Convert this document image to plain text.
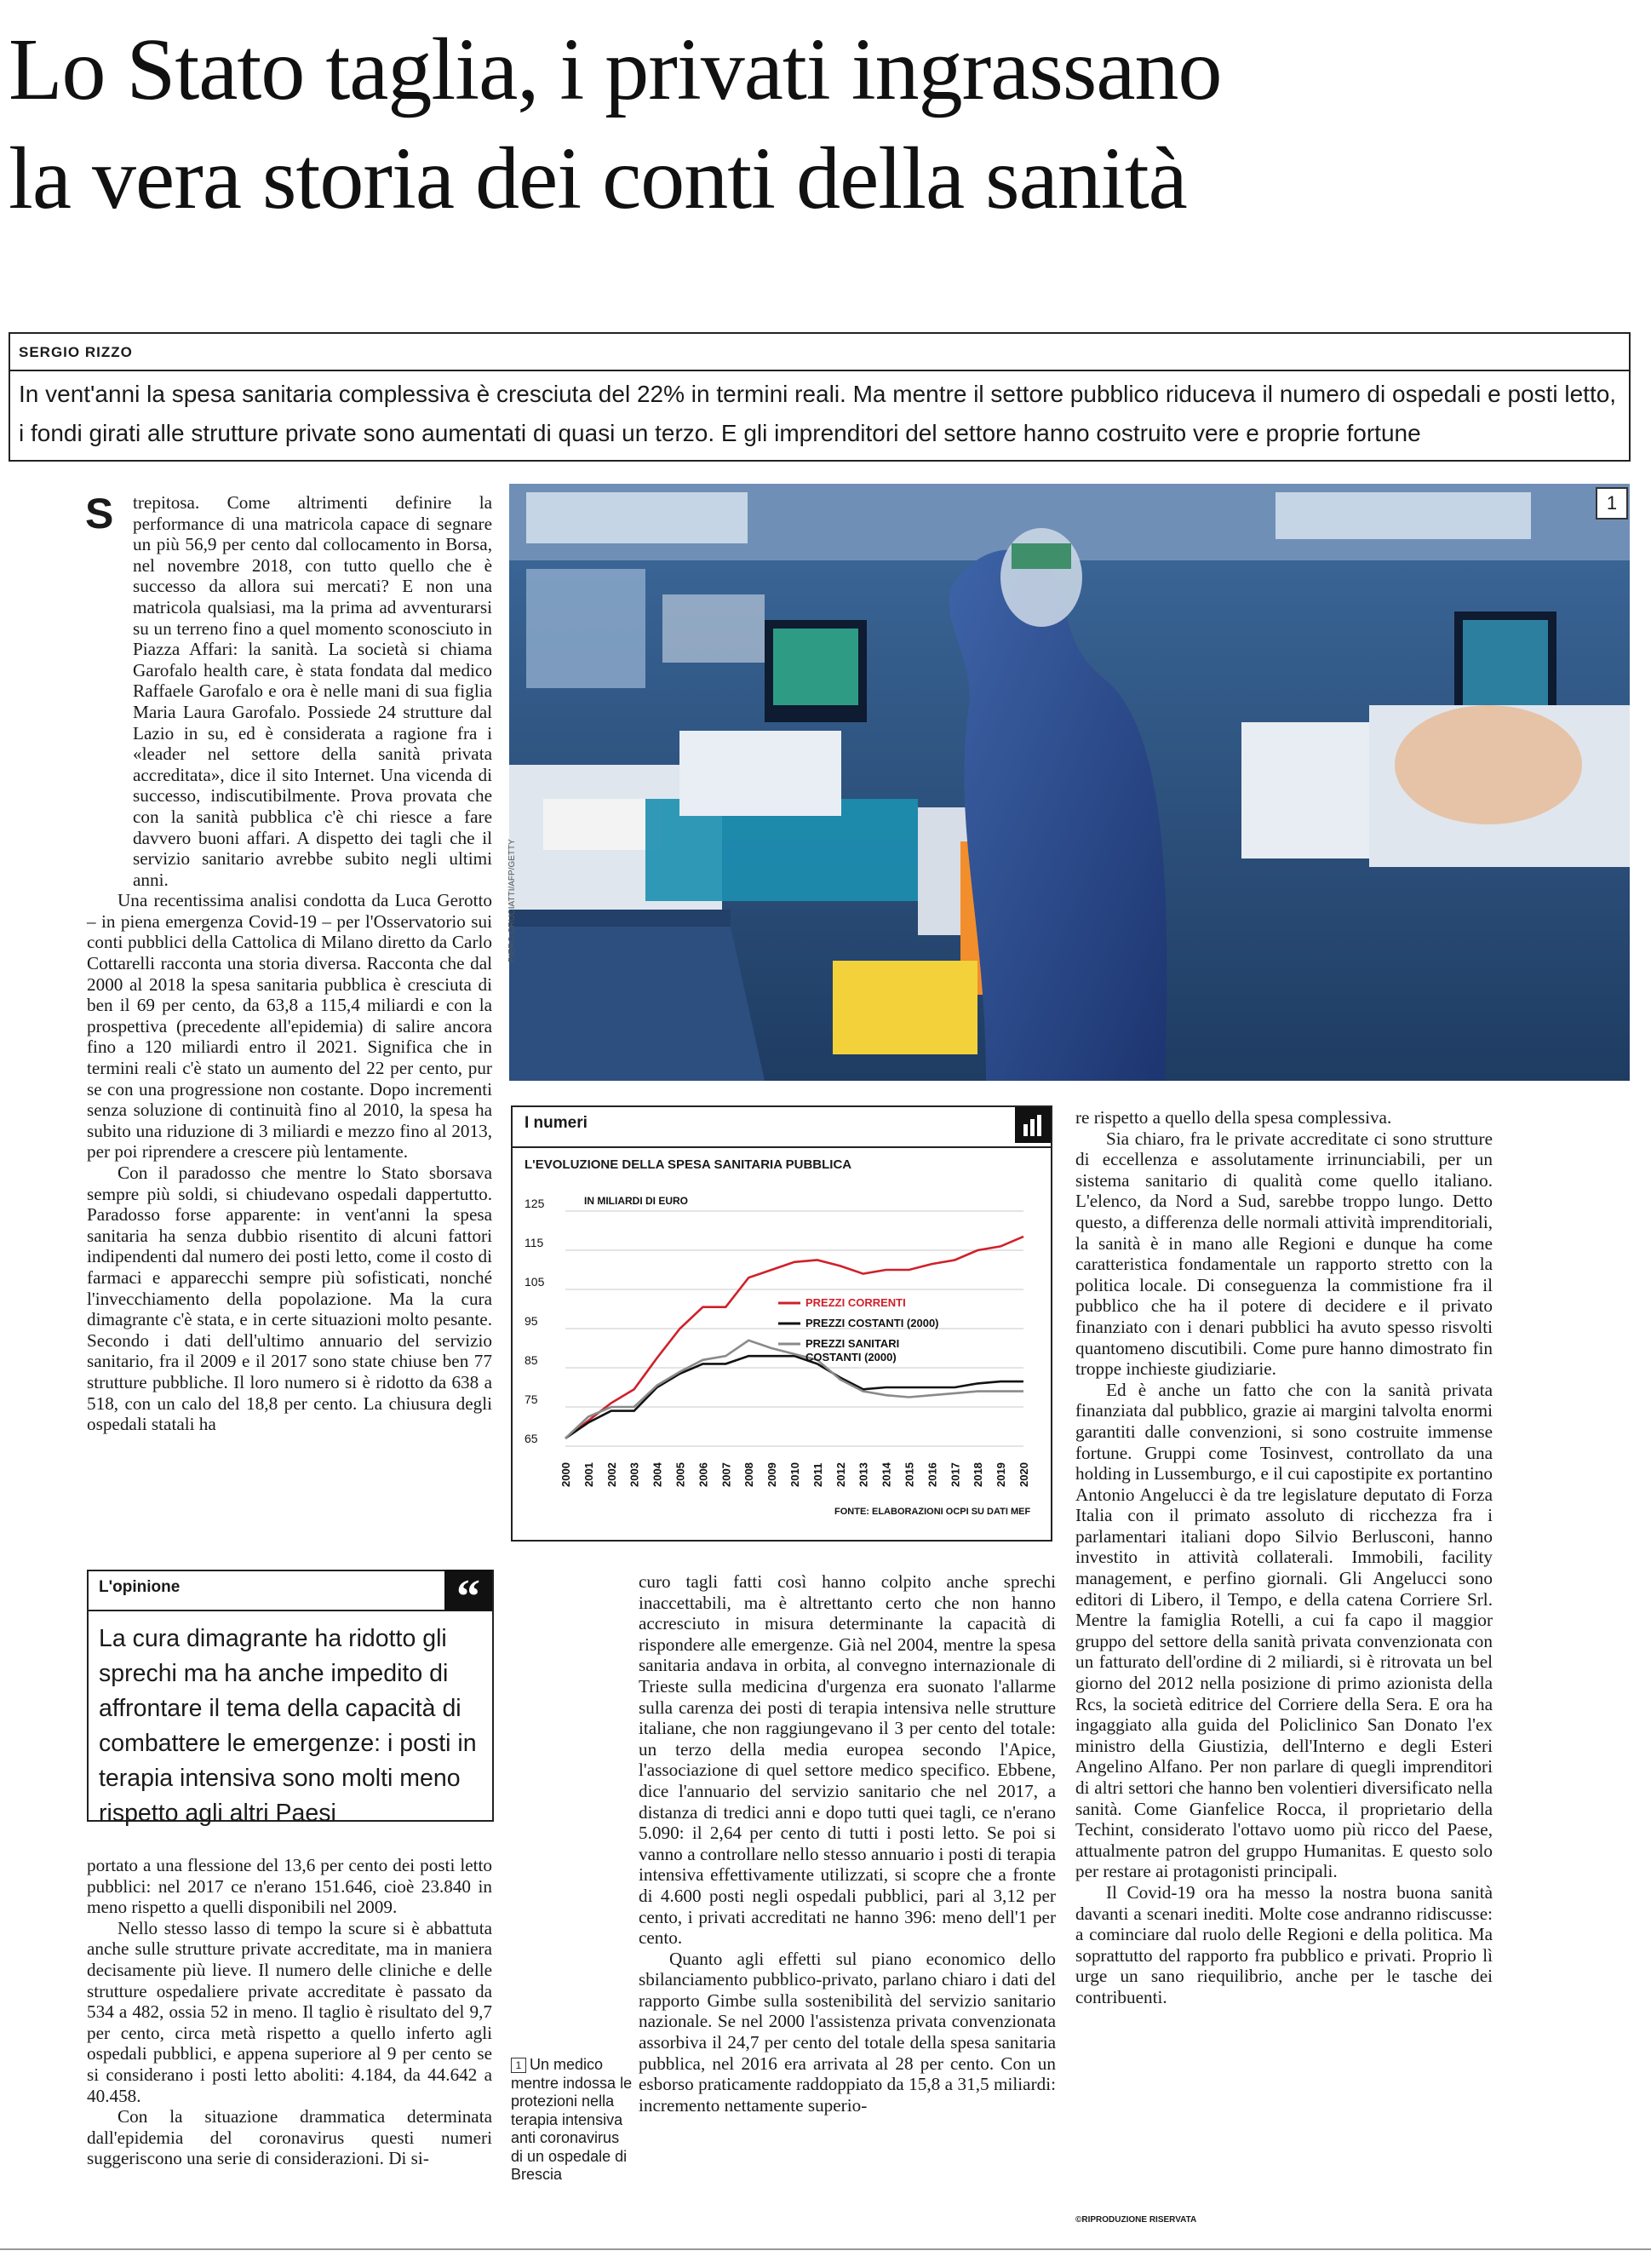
Lo Stato taglia, i privati ingrassano
la vera storia dei conti della sanità
SERGIO RIZZO
In vent'anni la spesa sanitaria complessiva è cresciuta del 22% in termini reali. Ma mentre il settore pubblico riduceva il numero di ospedali e posti letto, i fondi girati alle strutture private sono aumentati di quasi un terzo. E gli imprenditori del settore hanno costruito vere e proprie fortune
S	trepitosa. Come altrimenti definire la performance di una matricola capace di segnare un più 56,9 per cento dal collocamento in Borsa, nel novembre 2018, con tutto quello che è successo da allora sui mercati? E non una matricola qualsiasi, ma la prima ad avventurarsi su un terreno fino a quel momento sconosciuto in Piazza Affari: la sanità. La società si chiama Garofalo health care, è stata fondata dal medico Raffaele Garofalo e ora è nelle mani di sua figlia Maria Laura Garofalo. Possiede 24 strutture dal Lazio in su, ed è considerata a ragione fra i «leader nel settore della sanità privata accreditata», dice il sito Internet. Una vicenda di successo, indiscutibilmente. Prova provata che con la sanità pubblica c'è chi riesce a fare davvero buoni affari. A dispetto dei tagli che il servizio sanitario avrebbe subito negli ultimi anni.

Una recentissima analisi condotta da Luca Gerotto – in piena emergenza Covid-19 – per l'Osservatorio sui conti pubblici della Cattolica di Milano diretto da Carlo Cottarelli racconta una storia diversa. Racconta che dal 2000 al 2018 la spesa sanitaria pubblica è cresciuta di ben il 69 per cento, da 63,8 a 115,4 miliardi e con la prospettiva (precedente all'epidemia) di salire ancora fino a 120 miliardi entro il 2021. Significa che in termini reali c'è stato un aumento del 22 per cento, pur se con una progressione non costante. Dopo incrementi senza soluzione di continuità fino al 2010, la spesa ha subito una riduzione di 3 miliardi e mezzo fino al 2013, per poi riprendere a crescere più lentamente.

Con il paradosso che mentre lo Stato sborsava sempre più soldi, si chiudevano ospedali dappertutto. Paradosso forse apparente: in vent'anni la spesa sanitaria ha senza dubbio risentito di alcuni fattori indipendenti dal numero dei posti letto, come il costo di farmaci e apparecchi sempre più sofisticati, nonché l'invecchiamento della popolazione. Ma la cura dimagrante c'è stata, e in certe situazioni molto pesante. Secondo i dati dell'ultimo annuario del servizio sanitario, fra il 2009 e il 2017 sono state chiuse ben 77 strutture pubbliche. Il loro numero si è ridotto da 638 a 518, con un calo del 18,8 per cento. La chiusura degli ospedali statali ha

1
PIERO CRUCIATTI/AFP/GETTY
I numeri
L'EVOLUZIONE DELLA SPESA SANITARIA PUBBLICA
IN MILIARDI DI EURO
65
75
85
95
105
115
125
2000 2001 2002 2003 2004 2005 2006 2007 2008 2009 2010 2011 2012 2013 2014 2015 2016 2017 2018 2019 2020
PREZZI CORRENTI
PREZZI COSTANTI (2000)
PREZZI SANITARI
COSTANTI (2000)
FONTE: ELABORAZIONI OCPI SU DATI MEF
L'opinione	“
La cura dimagrante ha ridotto gli sprechi ma ha anche impedito di affrontare il tema della capacità di combattere le emergenze: i posti in terapia intensiva sono molti meno rispetto agli altri Paesi

portato a una flessione del 13,6 per cento dei posti letto pubblici: nel 2017 ce n'erano 151.646, cioè 23.840 in meno rispetto a quelli disponibili nel 2009.

Nello stesso lasso di tempo la scure si è abbattuta anche sulle strutture private accreditate, ma in maniera decisamente più lieve. Il numero delle cliniche e delle strutture ospedaliere private accreditate è passato da 534 a 482, ossia 52 in meno. Il taglio è risultato del 9,7 per cento, circa metà rispetto a quello inferto agli ospedali pubblici, e appena superiore al 9 per cento se si considerano i posti letto aboliti: 4.184, da 44.642 a 40.458.

Con la situazione drammatica determinata dall'epidemia del coronavirus questi numeri suggeriscono una serie di considerazioni. Di si-

curo tagli fatti così hanno colpito anche sprechi inaccettabili, ma è altrettanto certo che non hanno accresciuto in misura determinante la capacità di rispondere alle emergenze. Già nel 2004, mentre la spesa sanitaria andava in orbita, al convegno internazionale di Trieste sulla medicina d'urgenza era suonato l'allarme sulla carenza dei posti di terapia intensiva nelle strutture italiane, che non raggiungevano il 3 per cento del totale: un terzo della media europea secondo l'Apice, l'associazione di quel settore medico specifico. Ebbene, dice l'annuario del servizio sanitario che nel 2017, a distanza di tredici anni e dopo tutti quei tagli, ce n'erano 5.090: il 2,64 per cento di tutti i posti letto. Se poi si vanno a controllare nello stesso annuario i posti di terapia intensiva effettivamente utilizzati, si scopre che a fronte di 4.600 posti negli ospedali pubblici, pari al 3,12 per cento, i privati accreditati ne hanno 396: meno dell'1 per cento.

Quanto agli effetti sul piano economico dello sbilanciamento pubblico-privato, parlano chiaro i dati del rapporto Gimbe sulla sostenibilità del servizio sanitario nazionale. Se nel 2000 l'assistenza privata convenzionata assorbiva il 24,7 per cento del totale della spesa sanitaria pubblica, nel 2016 era arrivata al 28 per cento. Con un esborso praticamente raddoppiato da 15,8 a 31,5 miliardi: incremento nettamente superio-

1 Un medico mentre indossa le protezioni nella terapia intensiva anti coronavirus di un ospedale di Brescia

re rispetto a quello della spesa complessiva.

Sia chiaro, fra le private accreditate ci sono strutture di eccellenza e assolutamente irrinunciabili, per un sistema sanitario di qualità come quello italiano. L'elenco, da Nord a Sud, sarebbe troppo lungo. Detto questo, a differenza delle normali attività imprenditoriali, la sanità è in mano alle Regioni e dunque ha come caratteristica fondamentale un rapporto stretto con la politica locale. Di conseguenza la commistione fra il pubblico che ha il potere di decidere e il privato finanziato con i denari pubblici ha avuto spesso risvolti quantomeno discutibili. Come pure hanno dimostrato fin troppe inchieste giudiziarie.

Ed è anche un fatto che con la sanità privata finanziata dal pubblico, grazie ai margini talvolta enormi garantiti dalle convenzioni, si sono costruite immense fortune. Gruppi come Tosinvest, controllato da una holding in Lussemburgo, e il cui capostipite ex portantino Antonio Angelucci è da tre legislature deputato di Forza Italia con il primato assoluto di ricchezza fra i parlamentari italiani dopo Silvio Berlusconi, hanno investito in attività collaterali. Immobili, facility management, e perfino giornali. Gli Angelucci sono editori di Libero, il Tempo, e della catena Corriere Srl. Mentre la famiglia Rotelli, a cui fa capo il maggior gruppo del settore della sanità privata convenzionata con un fatturato dell'ordine di 2 miliardi, si è ritrovata un bel giorno del 2012 nella posizione di primo azionista della Rcs, la società editrice del Corriere della Sera. E ora ha ingaggiato alla guida del Policlinico San Donato l'ex ministro della Giustizia, dell'Interno e degli Esteri Angelino Alfano. Per non parlare di quegli imprenditori di altri settori che hanno ben volentieri diversificato nella sanità. Come Gianfelice Rocca, il proprietario della Techint, considerato l'ottavo uomo più ricco del Paese, attualmente patron del gruppo Humanitas. E questo solo per restare ai protagonisti principali.

Il Covid-19 ora ha messo la nostra buona sanità davanti a scenari inediti. Molte cose andranno ridiscusse: a cominciare dal ruolo delle Regioni e della politica. Ma soprattutto del rapporto fra pubblico e privati. Proprio lì urge un sano riequilibrio, anche per le tasche dei contribuenti.

©RIPRODUZIONE RISERVATA
